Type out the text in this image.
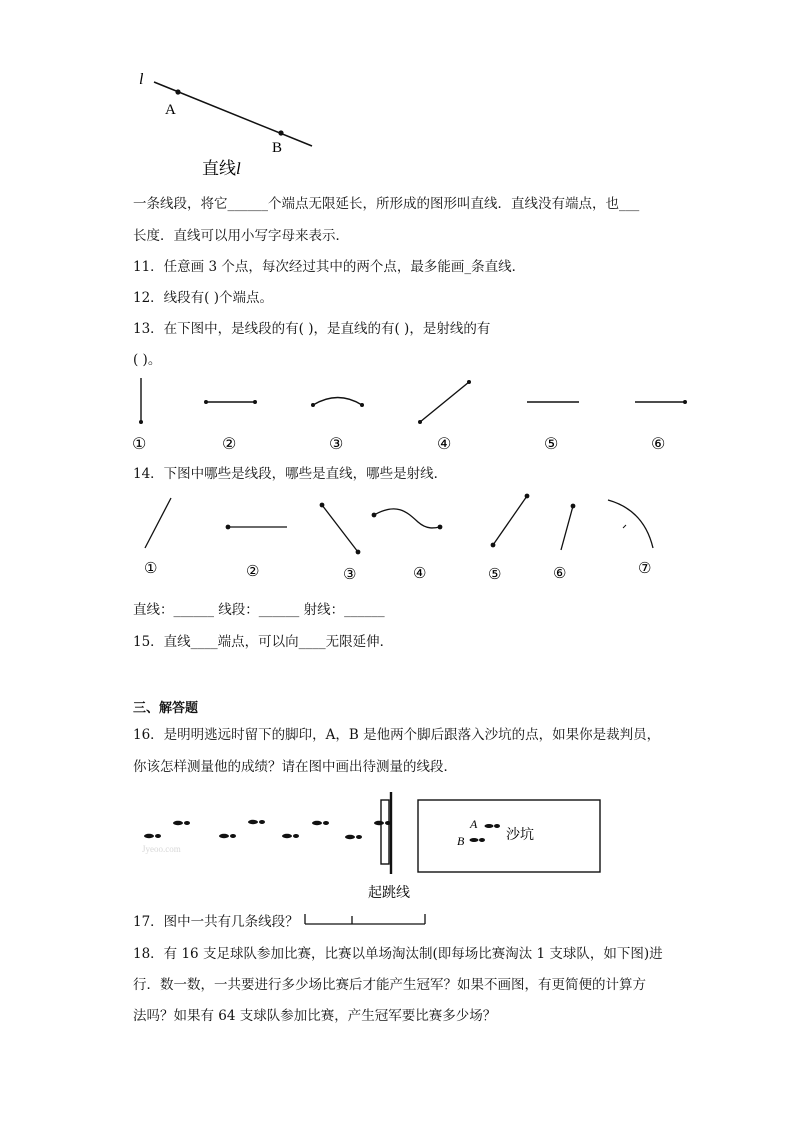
l
A
B
直线l
一条线段，将它______个端点无限延长，所形成的图形叫直线．直线没有端点，也___
长度．直线可以用小写字母来表示．
11．任意画 3 个点，每次经过其中的两个点，最多能画_条直线．
12．线段有( )个端点。
13．在下图中，是线段的有( )，是直线的有( )，是射线的有
( )。
①	②	③	④	⑤	⑥
14．下图中哪些是线段，哪些是直线，哪些是射线．
①	②	③	④	⑤	⑥	⑦
直线：______ 线段：______ 射线：______
15．直线____端点，可以向____无限延伸．
三、解答题
16．是明明逃远时留下的脚印，A，B 是他两个脚后跟落入沙坑的点，如果你是裁判员，
你该怎样测量他的成绩？请在图中画出待测量的线段．
Jyeoo.com
起跳线
A
B	沙坑
17．图中一共有几条线段？
18．有 16 支足球队参加比赛，比赛以单场淘汰制(即每场比赛淘汰 1 支球队，如下图)进
行．数一数，一共要进行多少场比赛后才能产生冠军？如果不画图，有更简便的计算方
法吗？如果有 64 支球队参加比赛，产生冠军要比赛多少场？
